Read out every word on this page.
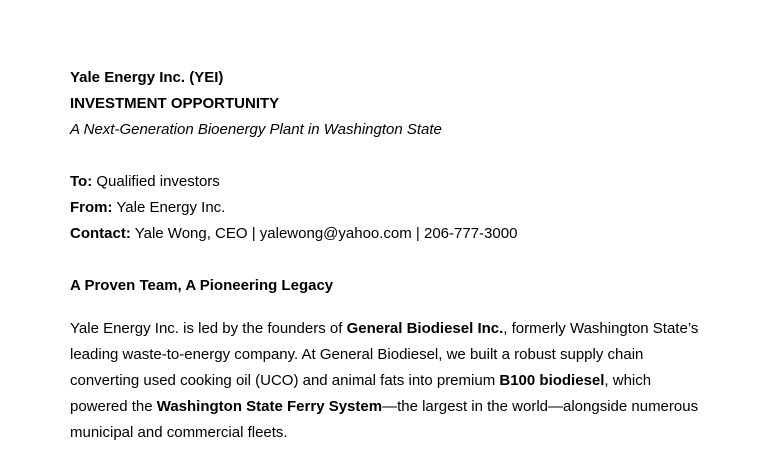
Yale Energy Inc. (YEI)
INVESTMENT OPPORTUNITY
A Next-Generation Bioenergy Plant in Washington State
To: Qualified investors
From: Yale Energy Inc.
Contact: Yale Wong, CEO | yalewong@yahoo.com | 206-777-3000
A Proven Team, A Pioneering Legacy
Yale Energy Inc. is led by the founders of General Biodiesel Inc., formerly Washington State’s
leading waste-to-energy company. At General Biodiesel, we built a robust supply chain
converting used cooking oil (UCO) and animal fats into premium B100 biodiesel, which
powered the Washington State Ferry System—the largest in the world—alongside numerous
municipal and commercial fleets.
